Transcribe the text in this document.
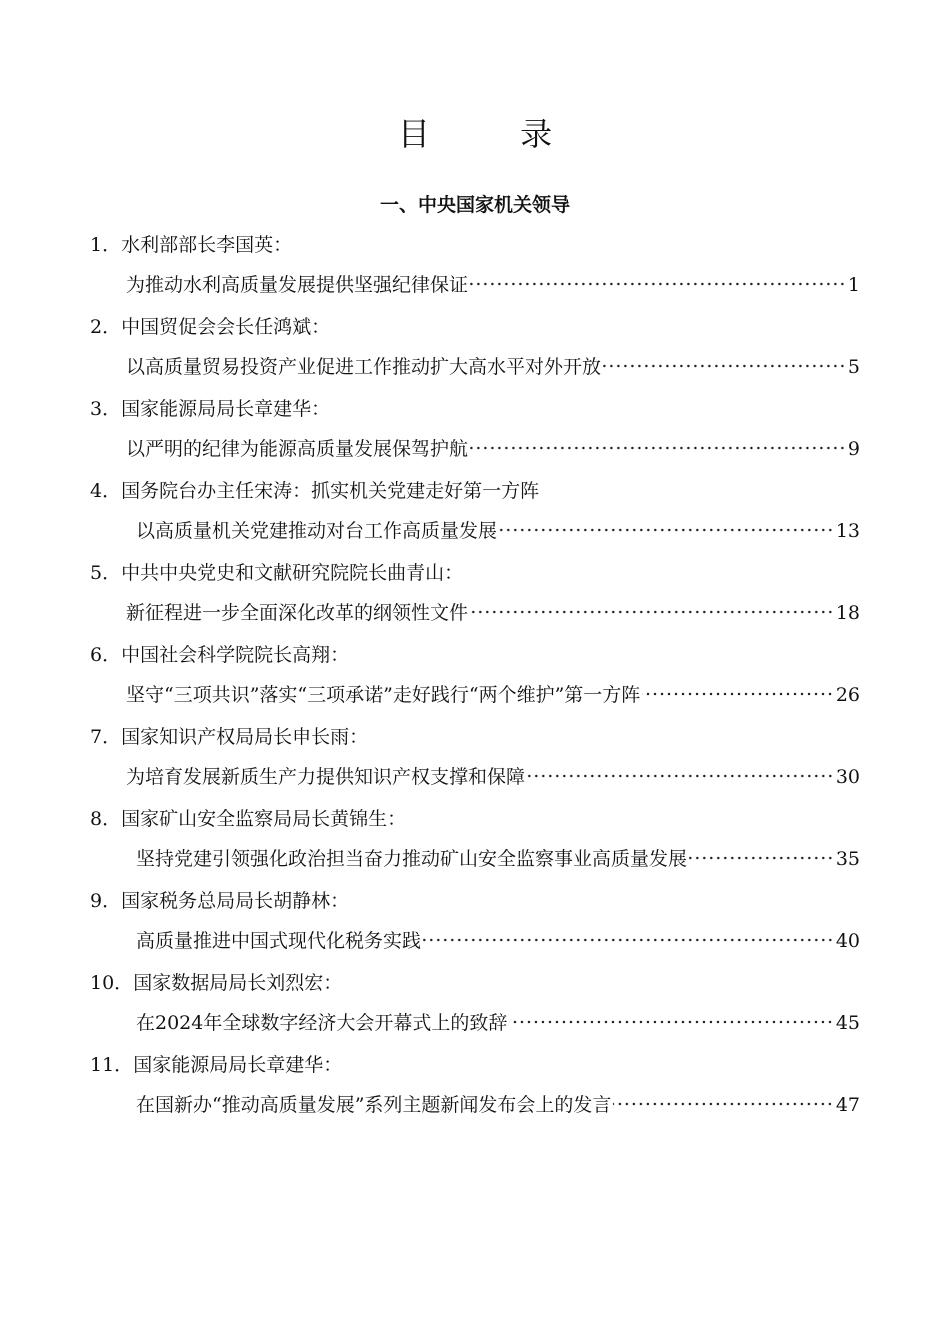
目 录
一、中央国家机关领导
1．水利部部长李国英：
为推动水利高质量发展提供坚强纪律保证	1
2．中国贸促会会长任鸿斌：
以高质量贸易投资产业促进工作推动扩大高水平对外开放	5
3．国家能源局局长章建华：
以严明的纪律为能源高质量发展保驾护航	9
4．国务院台办主任宋涛：抓实机关党建走好第一方阵
以高质量机关党建推动对台工作高质量发展	13
5．中共中央党史和文献研究院院长曲青山：
新征程进一步全面深化改革的纲领性文件	18
6．中国社会科学院院长高翔：
坚守“三项共识”落实“三项承诺”走好践行“两个维护”第一方阵	26
7．国家知识产权局局长申长雨：
为培育发展新质生产力提供知识产权支撑和保障	30
8．国家矿山安全监察局局长黄锦生：
坚持党建引领强化政治担当奋力推动矿山安全监察事业高质量发展	35
9．国家税务总局局长胡静林：
高质量推进中国式现代化税务实践	40
10．国家数据局局长刘烈宏：
在2024年全球数字经济大会开幕式上的致辞	45
11．国家能源局局长章建华：
在国新办“推动高质量发展”系列主题新闻发布会上的发言	47
